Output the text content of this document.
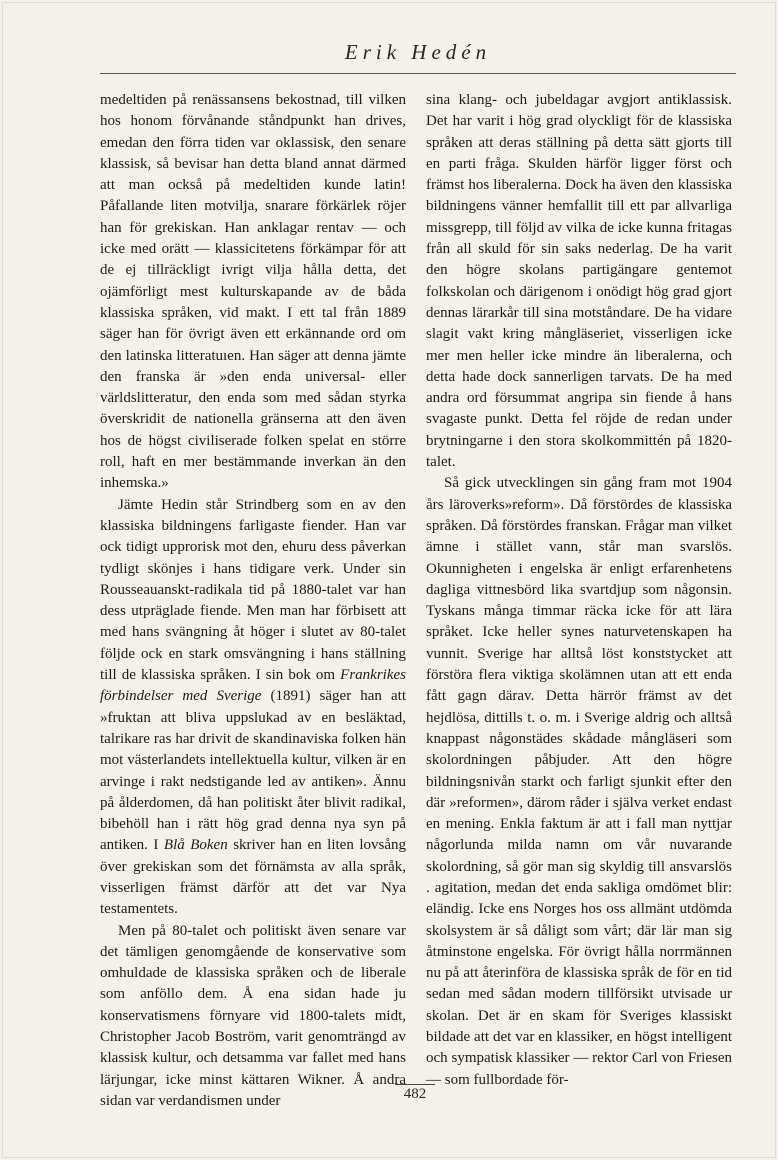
Erik Hedén

medeltiden på renässansens bekostnad, till vilken hos honom förvånande ståndpunkt han drives, emedan den förra tiden var oklassisk, den senare klassisk, så bevisar han detta bland annat därmed att man också på medeltiden kunde latin! Påfallande liten motvilja, snarare förkärlek röjer han för grekiskan. Han anklagar rentav — och icke med orätt — klassicitetens förkämpar för att de ej tillräckligt ivrigt vilja hålla detta, det ojämförligt mest kulturskapande av de båda klassiska språken, vid makt. I ett tal från 1889 säger han för övrigt även ett erkännande ord om den latinska litteratuıen. Han säger att denna jämte den franska är »den enda universal- eller världslitteratur, den enda som med sådan styrka överskridit de nationella gränserna att den även hos de högst civiliserade folken spelat en större roll, haft en mer bestämmande inverkan än den inhemska.»

Jämte Hedin står Strindberg som en av den klassiska bildningens farligaste fiender. Han var ock tidigt upprorisk mot den, ehuru dess påverkan tydligt skönjes i hans tidigare verk. Under sin Rousseauanskt-radikala tid på 1880-talet var han dess utpräglade fiende. Men man har förbisett att med hans svängning åt höger i slutet av 80-talet följde ock en stark omsvängning i hans ställning till de klassiska språken. I sin bok om Frankrikes förbindelser med Sverige (1891) säger han att »fruktan att bliva uppslukad av en besläktad, talrikare ras har drivit de skandinaviska folken hän mot västerlandets intellektuella kultur, vilken är en arvinge i rakt nedstigande led av antiken». Ännu på ålderdomen, då han politiskt åter blivit radikal, bibehöll han i rätt hög grad denna nya syn på antiken. I Blå Boken skriver han en liten lovsång över grekiskan som det förnämsta av alla språk, visserligen främst därför att det var Nya testamentets.

Men på 80-talet och politiskt även senare var det tämligen genomgående de konservative som omhuldade de klassiska språken och de liberale som anföllo dem. Å ena sidan hade ju konservatismens förnyare vid 1800-talets midt, Christopher Jacob Boström, varit genomträngd av klassisk kultur, och detsamma var fallet med hans lärjungar, icke minst kättaren Wikner. Å andra sidan var verdandismen under

sina klang- och jubeldagar avgjort antiklassisk. Det har varit i hög grad olyckligt för de klassiska språken att deras ställning på detta sätt gjorts till en parti fråga. Skulden härför ligger först och främst hos liberalerna. Dock ha även den klassiska bildningens vänner hemfallit till ett par allvarliga missgrepp, till följd av vilka de icke kunna fritagas från all skuld för sin saks nederlag. De ha varit den högre skolans partigängare gentemot folkskolan och därigenom i onödigt hög grad gjort dennas lärarkår till sina motståndare. De ha vidare slagit vakt kring mångläseriet, visserligen icke mer men heller icke mindre än liberalerna, och detta hade dock sannerligen tarvats. De ha med andra ord försummat angripa sin fiende å hans svagaste punkt. Detta fel röjde de redan under brytningarne i den stora skolkommittén på 1820-talet.

Så gick utvecklingen sin gång fram mot 1904 års läroverks»reform». Då förstördes de klassiska språken. Då förstördes franskan. Frågar man vilket ämne i stället vann, står man svarslös. Okunnigheten i engelska är enligt erfarenhetens dagliga vittnesbörd lika svartdjup som någonsin. Tyskans många timmar räcka icke för att lära språket. Icke heller synes naturvetenskapen ha vunnit. Sverige har alltså löst konststycket att förstöra flera viktiga skolämnen utan att ett enda fått gagn därav. Detta härrör främst av det hejdlösa, dittills t. o. m. i Sverige aldrig och alltså knappast någonstädes skådade mångläseri som skolordningen påbjuder. Att den högre bildningsnivån starkt och farligt sjunkit efter den där »reformen», därom råder i själva verket endast en mening. Enkla faktum är att i fall man nyttjar någorlunda milda namn om vår nuvarande skolordning, så gör man sig skyldig till ansvarslös . agitation, medan det enda sakliga omdömet blir: eländig. Icke ens Norges hos oss allmänt utdömda skolsystem är så dåligt som vårt; där lär man sig åtminstone engelska. För övrigt hålla norrmännen nu på att återinföra de klassiska språk de för en tid sedan med sådan modern tillförsikt utvisade ur skolan. Det är en skam för Sveriges klassiskt bildade att det var en klassiker, en högst intelligent och sympatisk klassiker — rektor Carl von Friesen — som fullbordade för-

482
